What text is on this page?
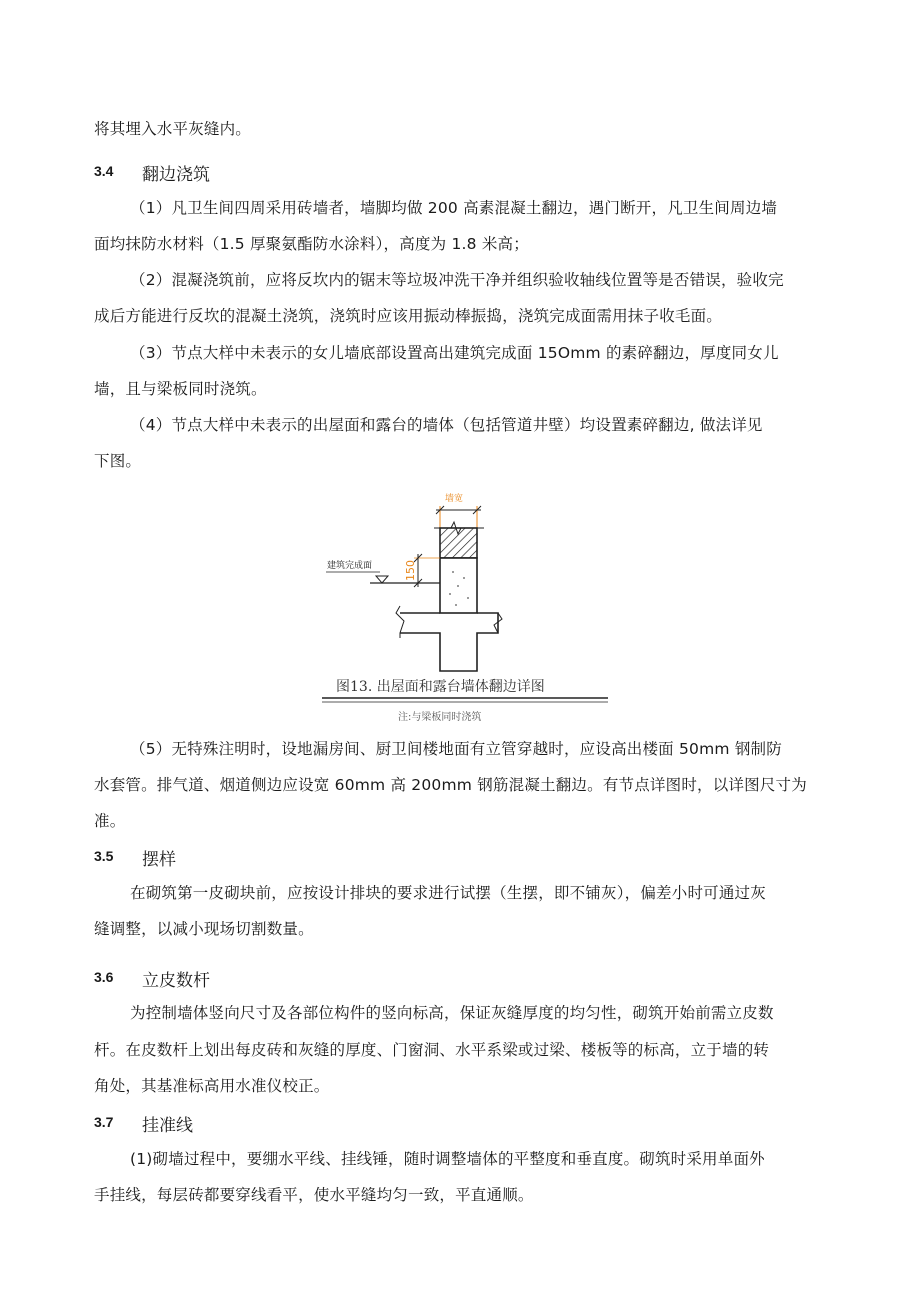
将其埋入水平灰缝内。
3.4 翻边浇筑
（1）凡卫生间四周采用砖墙者，墙脚均做 200 高素混凝土翻边，遇门断开，凡卫生间周边墙
面均抹防水材料（1.5 厚聚氨酯防水涂料），高度为 1.8 米高；
（2）混凝浇筑前，应将反坎内的锯末等垃圾冲洗干净并组织验收轴线位置等是否错误，验收完
成后方能进行反坎的混凝土浇筑，浇筑时应该用振动棒振捣，浇筑完成面需用抹子收毛面。
（3）节点大样中未表示的女儿墙底部设置高出建筑完成面 15Omm 的素碎翻边，厚度同女儿
墙，且与梁板同时浇筑。
（4）节点大样中未表示的出屋面和露台的墙体（包括管道井壁）均设置素碎翻边, 做法详见
下图。
墙宽
建筑完成面	150
图13. 出屋面和露台墙体翻边详图
注:与梁板同时浇筑
（5）无特殊注明时，设地漏房间、厨卫间楼地面有立管穿越时，应设高出楼面 50mm 钢制防
水套管。排气道、烟道侧边应设宽 60mm 高 200mm 钢筋混凝土翻边。有节点详图时，以详图尺寸为
准。
3.5 摆样
在砌筑第一皮砌块前，应按设计排块的要求进行试摆（生摆，即不铺灰），偏差小时可通过灰
缝调整，以减小现场切割数量。
3.6 立皮数杆
为控制墙体竖向尺寸及各部位构件的竖向标高，保证灰缝厚度的均匀性，砌筑开始前需立皮数
杆。在皮数杆上划出每皮砖和灰缝的厚度、门窗洞、水平系梁或过梁、楼板等的标高，立于墙的转
角处，其基准标高用水准仪校正。
3.7 挂准线
(1)砌墙过程中，要绷水平线、挂线锤，随时调整墙体的平整度和垂直度。砌筑时采用单面外
手挂线，每层砖都要穿线看平，使水平缝均匀一致，平直通顺。
